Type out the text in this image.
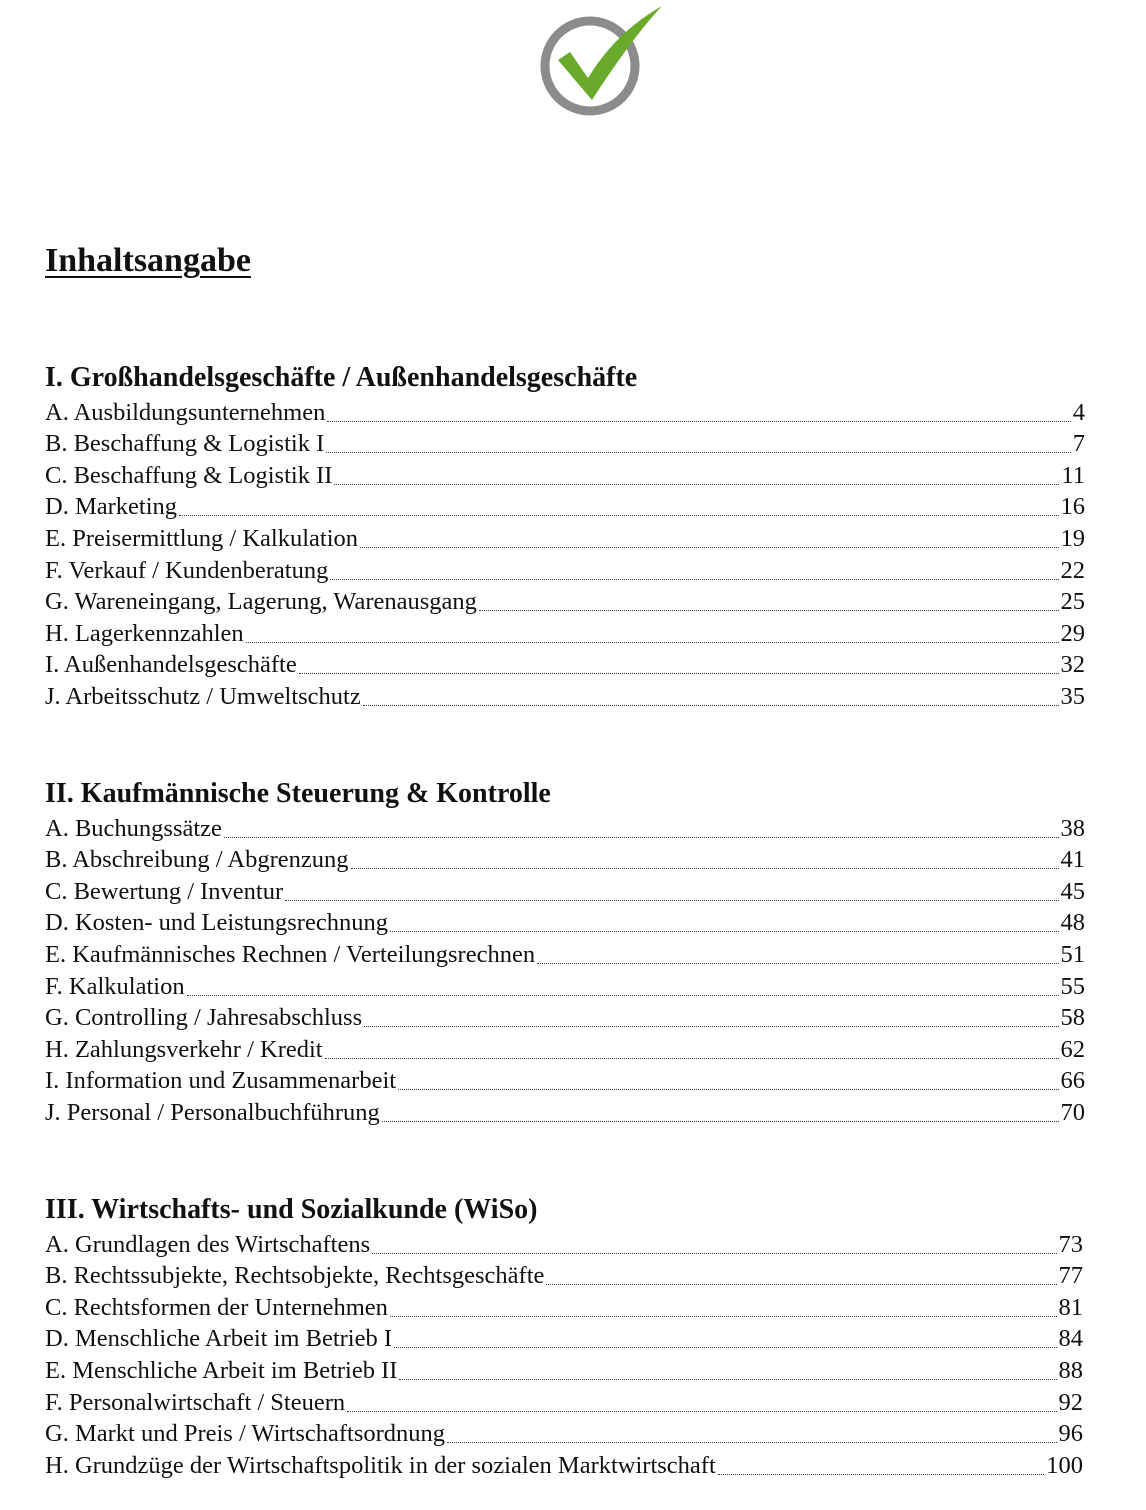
Inhaltsangabe
I. Großhandelsgeschäfte / Außenhandelsgeschäfte
A. Ausbildungsunternehmen	4
B. Beschaffung & Logistik I	7
C. Beschaffung & Logistik II	11
D. Marketing	16
E. Preisermittlung / Kalkulation	19
F. Verkauf / Kundenberatung	22
G. Wareneingang, Lagerung, Warenausgang	25
H. Lagerkennzahlen	29
I. Außenhandelsgeschäfte	32
J. Arbeitsschutz / Umweltschutz	35
II. Kaufmännische Steuerung & Kontrolle
A. Buchungssätze	38
B. Abschreibung / Abgrenzung	41
C. Bewertung / Inventur	45
D. Kosten- und Leistungsrechnung	48
E. Kaufmännisches Rechnen / Verteilungsrechnen	51
F. Kalkulation	55
G. Controlling / Jahresabschluss	58
H. Zahlungsverkehr / Kredit	62
I. Information und Zusammenarbeit	66
J. Personal / Personalbuchführung	70
III. Wirtschafts- und Sozialkunde (WiSo)
A. Grundlagen des Wirtschaftens	73
B. Rechtssubjekte, Rechtsobjekte, Rechtsgeschäfte	77
C. Rechtsformen der Unternehmen	81
D. Menschliche Arbeit im Betrieb I	84
E. Menschliche Arbeit im Betrieb II	88
F. Personalwirtschaft / Steuern	92
G. Markt und Preis / Wirtschaftsordnung	96
H. Grundzüge der Wirtschaftspolitik in der sozialen Marktwirtschaft	100
